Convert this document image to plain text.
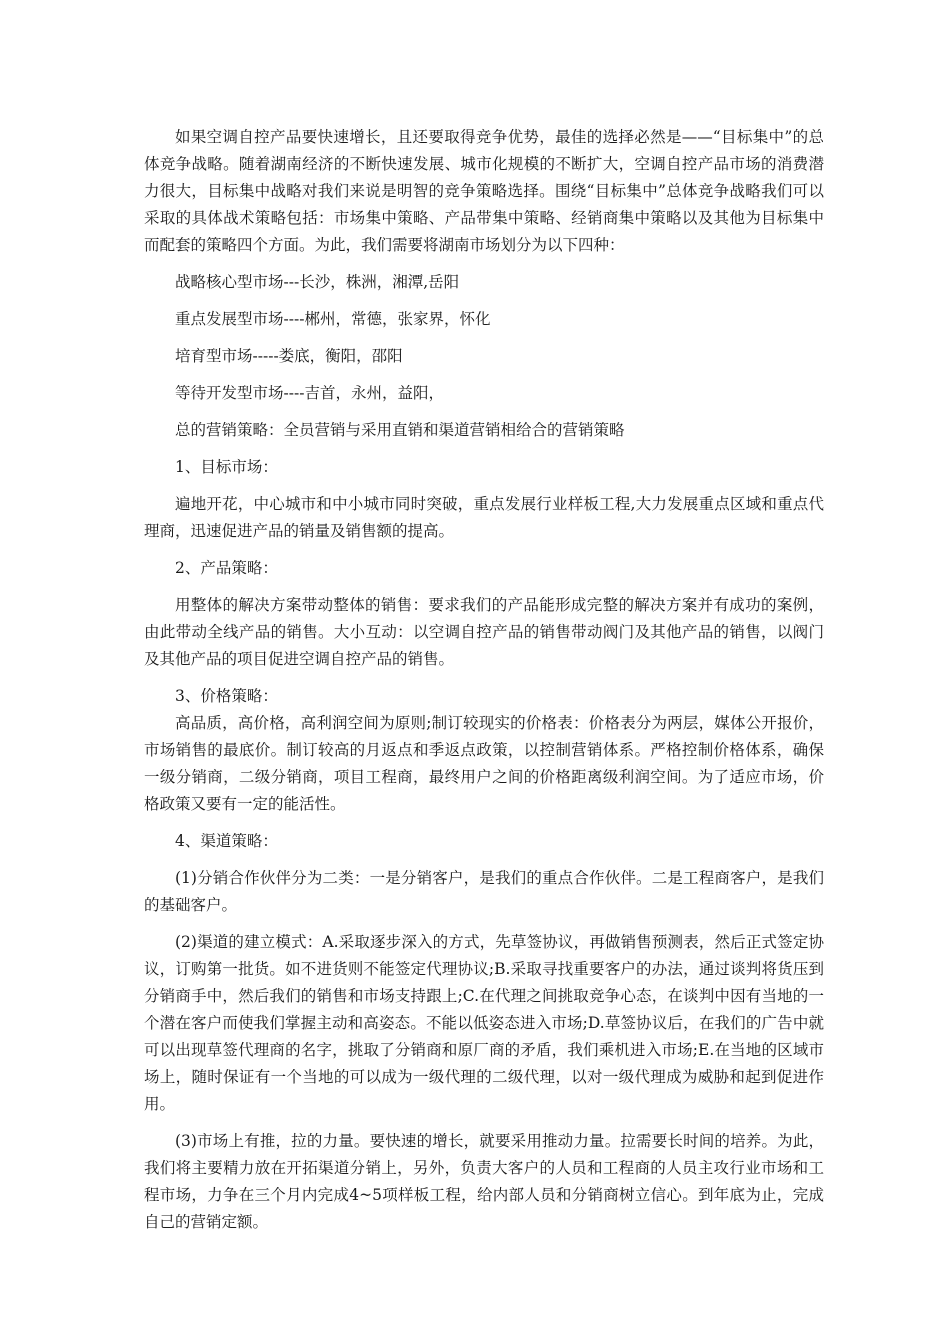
如果空调自控产品要快速增长，且还要取得竞争优势，最佳的选择必然是——“目标集中”的总体竞争战略。随着湖南经济的不断快速发展、城市化规模的不断扩大，空调自控产品市场的消费潜力很大，目标集中战略对我们来说是明智的竞争策略选择。围绕“目标集中”总体竞争战略我们可以采取的具体战术策略包括：市场集中策略、产品带集中策略、经销商集中策略以及其他为目标集中而配套的策略四个方面。为此，我们需要将湖南市场划分为以下四种：

战略核心型市场---长沙，株洲，湘潭,岳阳

重点发展型市场----郴州，常德，张家界，怀化

培育型市场-----娄底，衡阳，邵阳

等待开发型市场----吉首，永州，益阳，

总的营销策略：全员营销与采用直销和渠道营销相给合的营销策略

1、目标市场：

遍地开花，中心城市和中小城市同时突破，重点发展行业样板工程,大力发展重点区域和重点代理商，迅速促进产品的销量及销售额的提高。

2、产品策略：

用整体的解决方案带动整体的销售：要求我们的产品能形成完整的解决方案并有成功的案例，由此带动全线产品的销售。大小互动：以空调自控产品的销售带动阀门及其他产品的销售，以阀门及其他产品的项目促进空调自控产品的销售。

3、价格策略：

高品质，高价格，高利润空间为原则;制订较现实的价格表：价格表分为两层，媒体公开报价，市场销售的最底价。制订较高的月返点和季返点政策，以控制营销体系。严格控制价格体系，确保一级分销商，二级分销商，项目工程商，最终用户之间的价格距离级利润空间。为了适应市场，价格政策又要有一定的能活性。

4、渠道策略：

(1)分销合作伙伴分为二类：一是分销客户，是我们的重点合作伙伴。二是工程商客户，是我们的基础客户。

(2)渠道的建立模式：A.采取逐步深入的方式，先草签协议，再做销售预测表，然后正式签定协议，订购第一批货。如不进货则不能签定代理协议;B.采取寻找重要客户的办法，通过谈判将货压到分销商手中，然后我们的销售和市场支持跟上;C.在代理之间挑取竞争心态，在谈判中因有当地的一个潜在客户而使我们掌握主动和高姿态。不能以低姿态进入市场;D.草签协议后，在我们的广告中就可以出现草签代理商的名字，挑取了分销商和原厂商的矛盾，我们乘机进入市场;E.在当地的区域市场上，随时保证有一个当地的可以成为一级代理的二级代理，以对一级代理成为威胁和起到促进作用。

(3)市场上有推，拉的力量。要快速的增长，就要采用推动力量。拉需要长时间的培养。为此，我们将主要精力放在开拓渠道分销上，另外，负责大客户的人员和工程商的人员主攻行业市场和工程市场，力争在三个月内完成4~5项样板工程，给内部人员和分销商树立信心。到年底为止，完成自己的营销定额。
